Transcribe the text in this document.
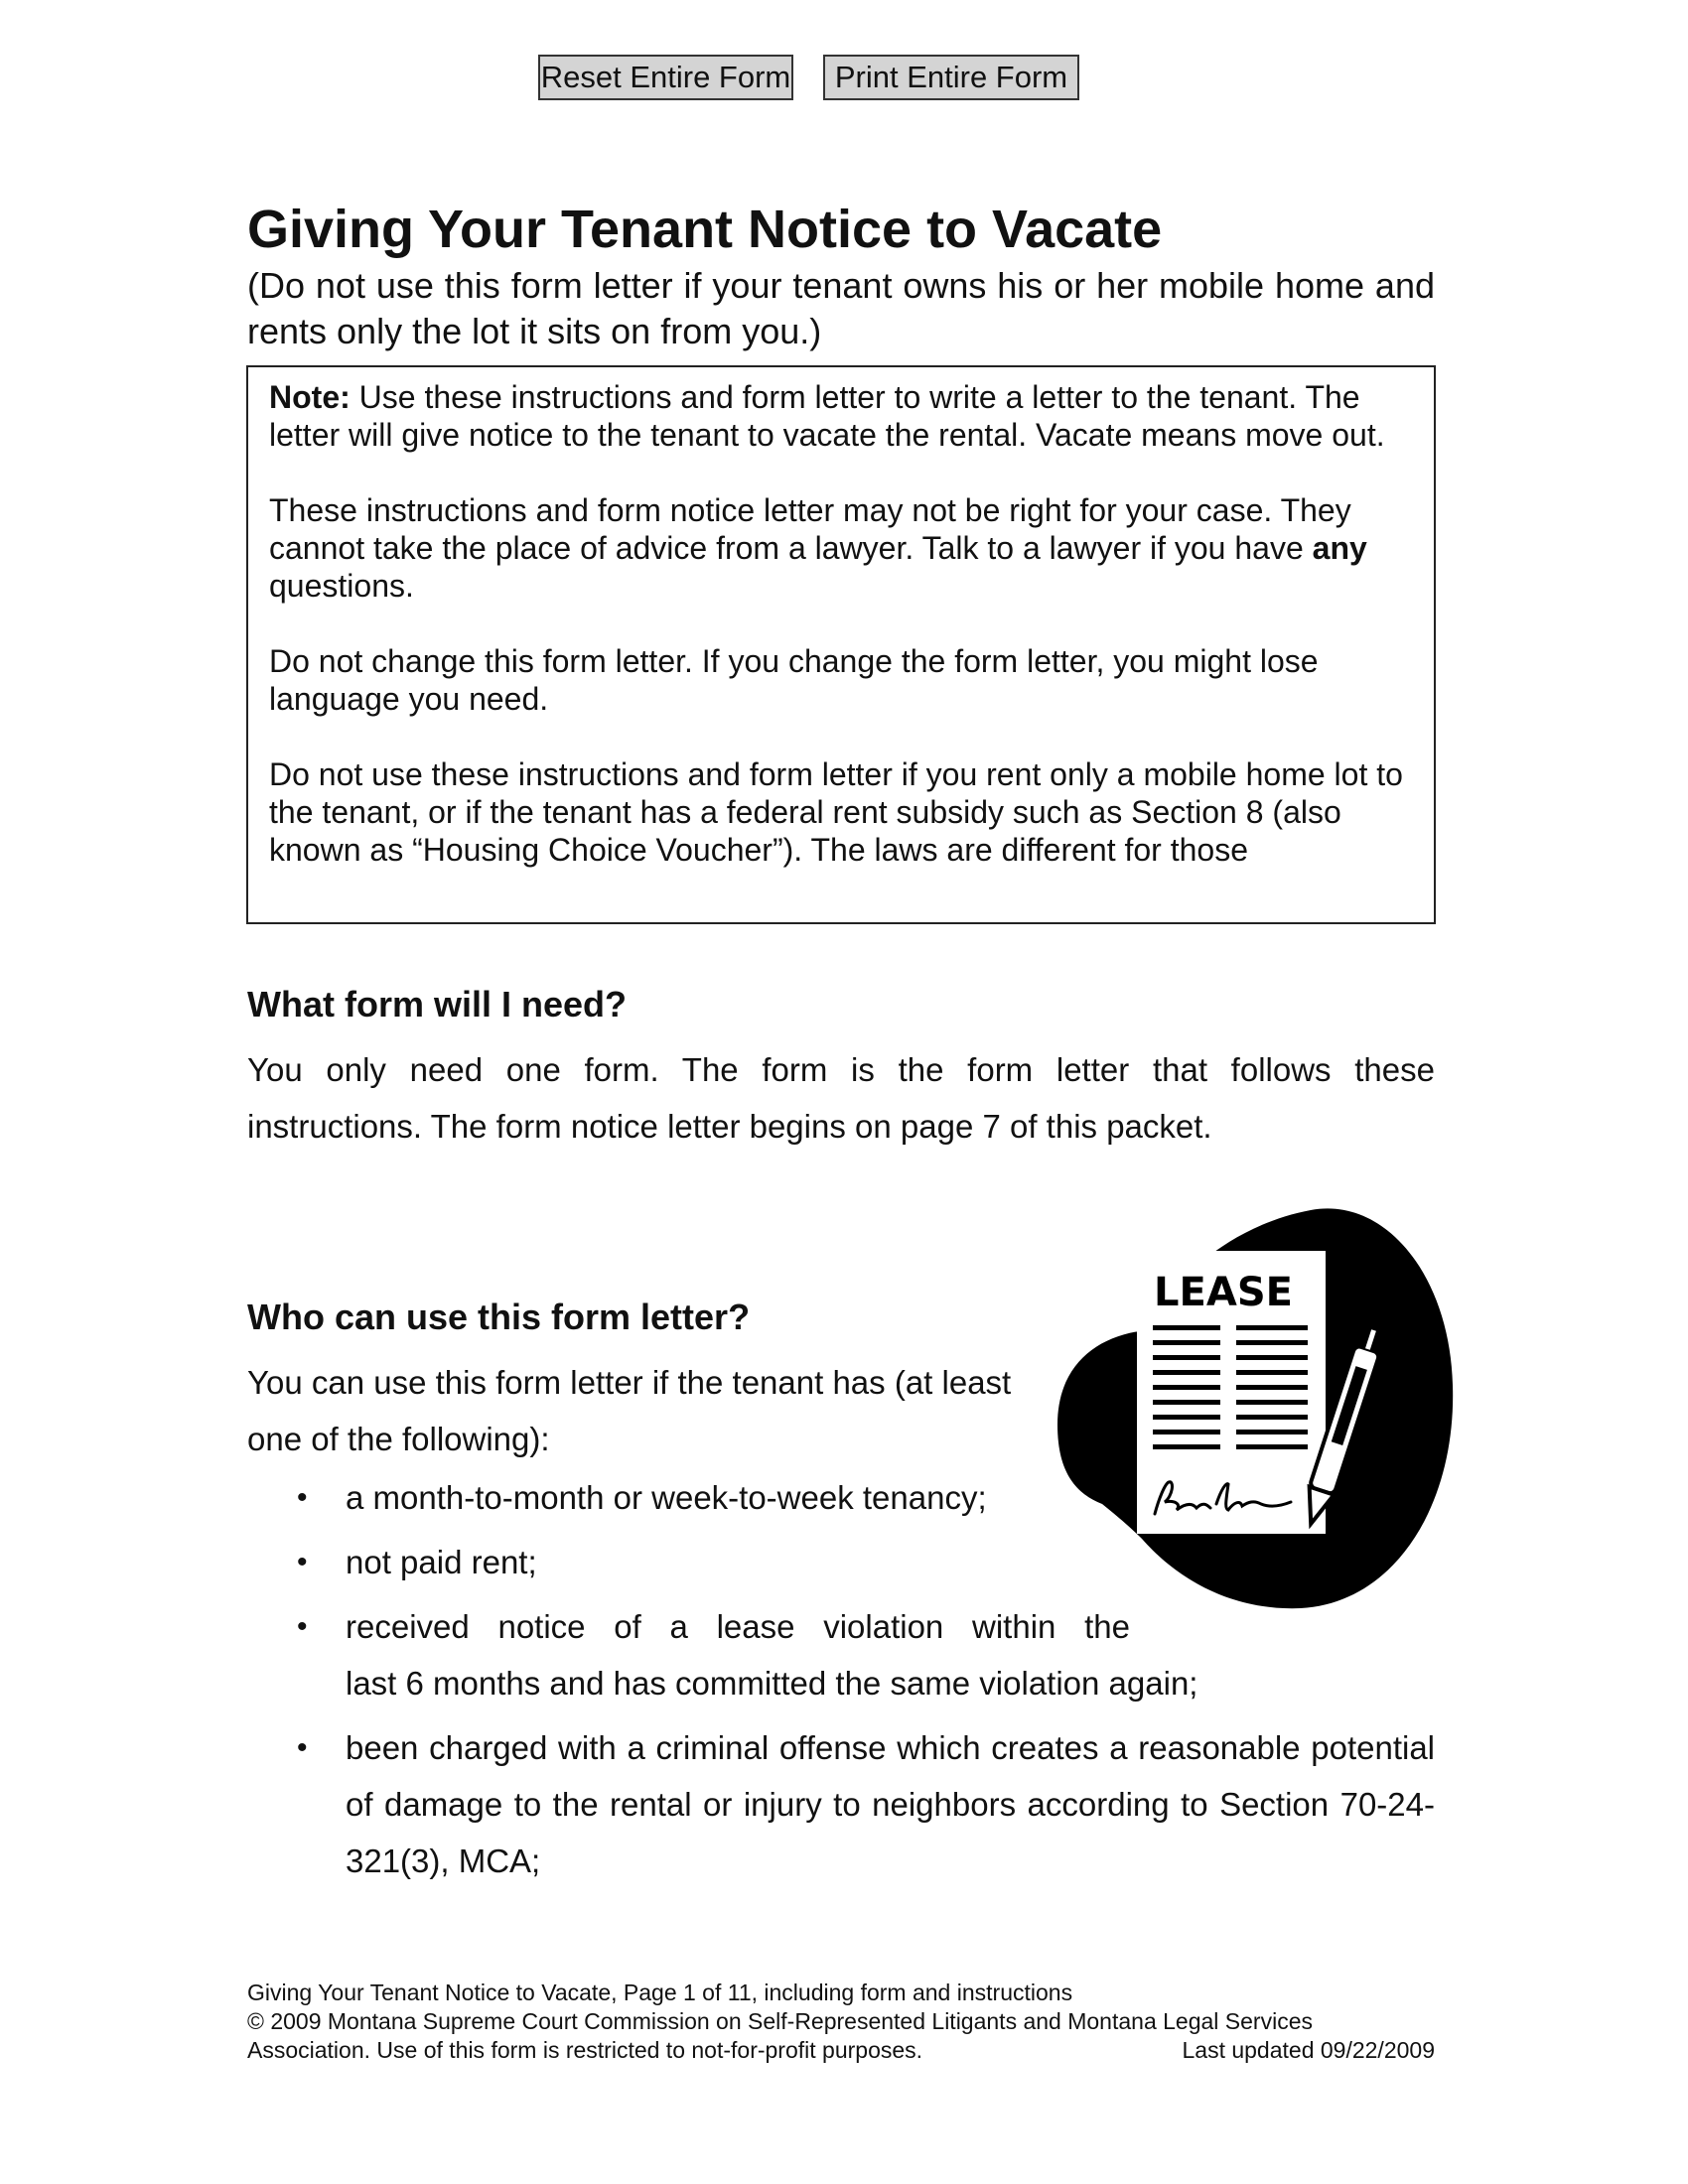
Reset Entire Form	Print Entire Form
Giving Your Tenant Notice to Vacate

(Do not use this form letter if your tenant owns his or her mobile home and rents only the lot it sits on from you.)

Note: Use these instructions and form letter to write a letter to the tenant. The letter will give notice to the tenant to vacate the rental. Vacate means move out.

These instructions and form notice letter may not be right for your case. They cannot take the place of advice from a lawyer. Talk to a lawyer if you have any questions.

Do not change this form letter. If you change the form letter, you might lose language you need.

Do not use these instructions and form letter if you rent only a mobile home lot to the tenant, or if the tenant has a federal rent subsidy such as Section 8 (also known as “Housing Choice Voucher”). The laws are different for those

What form will I need?

You only need one form. The form is the form letter that follows these
instructions. The form notice letter begins on page 7 of this packet.

Who can use this form letter?

You can use this form letter if the tenant has (at least
one of the following):

• a month-to-month or week-to-week tenancy;
• not paid rent;
• received notice of a lease violation within the
last 6 months and has committed the same violation again;
• been charged with a criminal offense which creates a reasonable potential of damage to the rental or injury to neighbors according to Section 70-24-321(3), MCA;
LEASE
Giving Your Tenant Notice to Vacate, Page 1 of 11, including form and instructions
© 2009 Montana Supreme Court Commission on Self-Represented Litigants and Montana Legal Services
Association. Use of this form is restricted to not-for-profit purposes.	Last updated 09/22/2009
